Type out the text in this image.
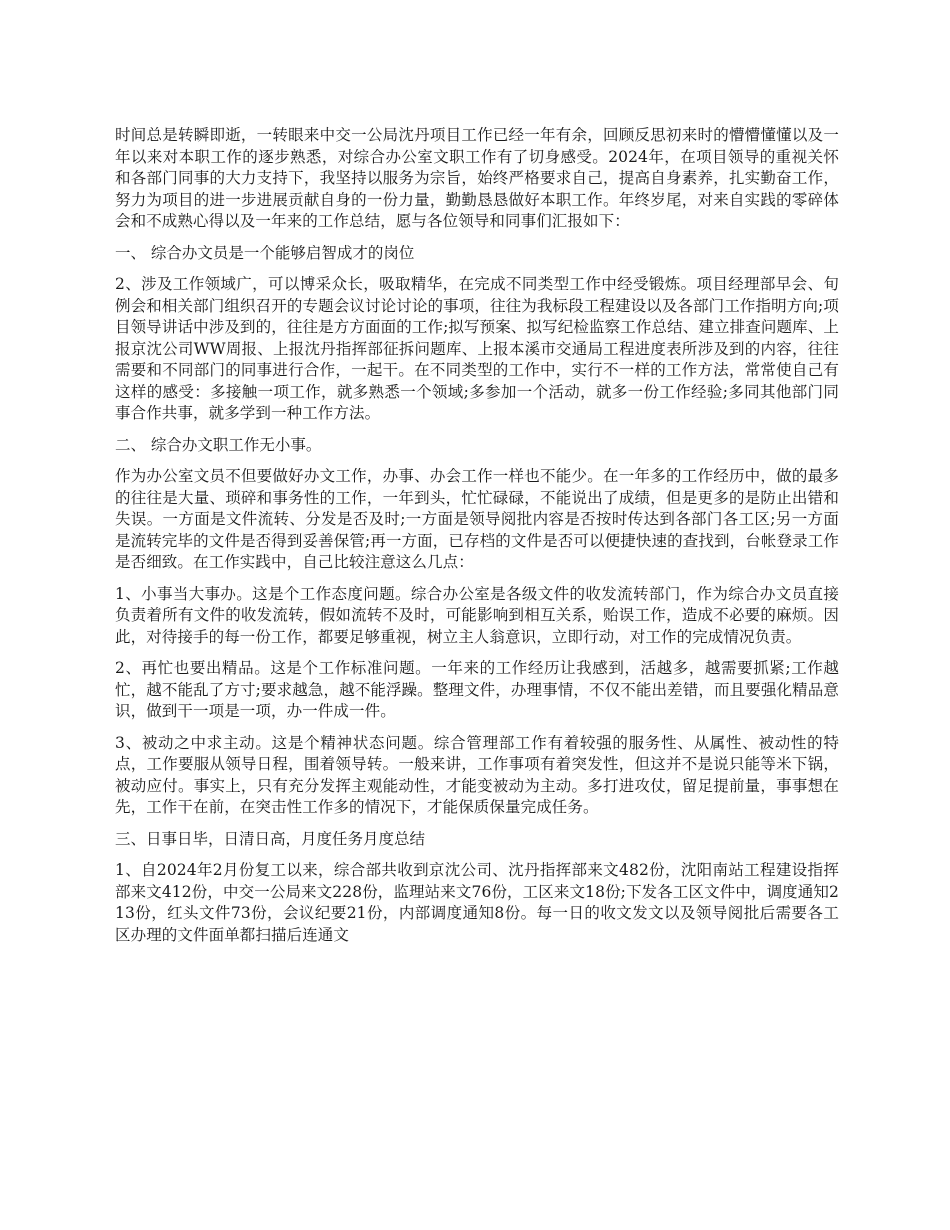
时间总是转瞬即逝，一转眼来中交一公局沈丹项目工作已经一年有余，回顾反思初来时的懵懵懂懂以及一年以来对本职工作的逐步熟悉，对综合办公室文职工作有了切身感受。2024年，在项目领导的重视关怀和各部门同事的大力支持下，我坚持以服务为宗旨，始终严格要求自己，提高自身素养，扎实勤奋工作，努力为项目的进一步进展贡献自身的一份力量，勤勤恳恳做好本职工作。年终岁尾，对来自实践的零碎体会和不成熟心得以及一年来的工作总结，愿与各位领导和同事们汇报如下：

一、 综合办文员是一个能够启智成才的岗位

2、涉及工作领域广，可以博采众长，吸取精华，在完成不同类型工作中经受锻炼。项目经理部早会、旬例会和相关部门组织召开的专题会议讨论讨论的事项，往往为我标段工程建设以及各部门工作指明方向;项目领导讲话中涉及到的，往往是方方面面的工作;拟写预案、拟写纪检监察工作总结、建立排查问题库、上报京沈公司WW周报、上报沈丹指挥部征拆问题库、上报本溪市交通局工程进度表所涉及到的内容，往往需要和不同部门的同事进行合作，一起干。在不同类型的工作中，实行不一样的工作方法，常常使自己有这样的感受：多接触一项工作，就多熟悉一个领域;多参加一个活动，就多一份工作经验;多同其他部门同事合作共事，就多学到一种工作方法。

二、 综合办文职工作无小事。

作为办公室文员不但要做好办文工作，办事、办会工作一样也不能少。在一年多的工作经历中，做的最多的往往是大量、琐碎和事务性的工作，一年到头，忙忙碌碌，不能说出了成绩，但是更多的是防止出错和失误。一方面是文件流转、分发是否及时;一方面是领导阅批内容是否按时传达到各部门各工区;另一方面是流转完毕的文件是否得到妥善保管;再一方面，已存档的文件是否可以便捷快速的查找到，台帐登录工作是否细致。在工作实践中，自己比较注意这么几点：

1、小事当大事办。这是个工作态度问题。综合办公室是各级文件的收发流转部门，作为综合办文员直接负责着所有文件的收发流转，假如流转不及时，可能影响到相互关系，贻误工作，造成不必要的麻烦。因此，对待接手的每一份工作，都要足够重视，树立主人翁意识，立即行动，对工作的完成情况负责。

2、再忙也要出精品。这是个工作标准问题。一年来的工作经历让我感到，活越多，越需要抓紧;工作越忙，越不能乱了方寸;要求越急，越不能浮躁。整理文件，办理事情，不仅不能出差错，而且要强化精品意识，做到干一项是一项，办一件成一件。

3、被动之中求主动。这是个精神状态问题。综合管理部工作有着较强的服务性、从属性、被动性的特点，工作要服从领导日程，围着领导转。一般来讲，工作事项有着突发性，但这并不是说只能等米下锅，被动应付。事实上，只有充分发挥主观能动性，才能变被动为主动。多打进攻仗，留足提前量，事事想在先，工作干在前，在突击性工作多的情况下，才能保质保量完成任务。

三、日事日毕，日清日高，月度任务月度总结

1、自2024年2月份复工以来，综合部共收到京沈公司、沈丹指挥部来文482份，沈阳南站工程建设指挥部来文412份，中交一公局来文228份，监理站来文76份，工区来文18份;下发各工区文件中，调度通知213份，红头文件73份，会议纪要21份，内部调度通知8份。每一日的收文发文以及领导阅批后需要各工区办理的文件面单都扫描后连通文
